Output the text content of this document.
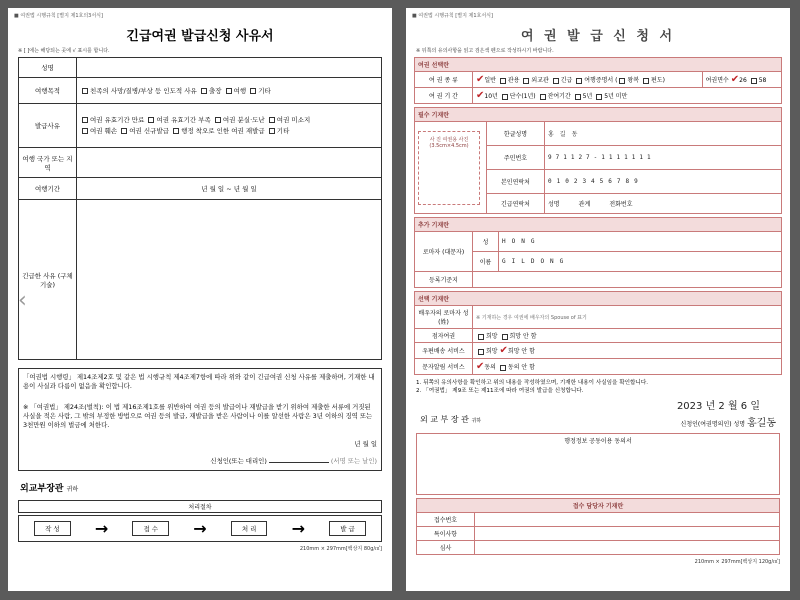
■ 여권법 시행규칙 [별지 제1호의3서식]
긴급여권 발급신청 사유서
※ [ ]에는 해당되는 곳에 √ 표시를 합니다.
성명	
여행목적	친족의 사망/질병/부상 등 인도적 사유 출장 여행 기타
발급사유	여권 유효기간 만료 여권 유효기간 부족 여권 분실·도난 여권 미소지
여권 훼손 여권 신규발급 행정 착오로 인한 여권 재발급 기타
여행 국가 또는 지역	
여행기간	년 월 일 ~ 년 월 일
긴급한 사유 (구체기술)	
「여권법 시행령」 제14조제2호 및 같은 법 시행규칙 제4조제7항에 따라 위와 같이 긴급여권 신청 사유를 제출하며, 기재한 내용이 사실과 다름이 없음을 확인합니다.
※ 「여권법」 제24조(벌칙): 이 법 제16조제1호를 위반하여 여권 등의 발급이나 재발급을 받기 위하여 제출한 서류에 거짓된 사실을 적은 사람, 그 밖의 부정한 방법으로 여권 등의 발급, 재발급을 받은 사람이나 이를 알선한 사람은 3년 이하의 징역 또는 3천만원 이하의 벌금에 처한다.
년 월 일
신청인(또는 대리인)	(서명 또는 날인)
외교부장관 귀하
처리절차
작 성	→	접 수	→	처 리	→	발 급
210mm × 297mm[백상지 80g/㎡]
‹
■ 여권법 시행규칙 [별지 제1호서식]
여 권 발 급 신 청 서
※ 뒤쪽의 유의사항을 읽고 검은색 펜으로 작성하시기 바랍니다.
여권 선택란		
여 권 종 류	✔일반 관용 외교관 긴급 여행증명서 ( 왕복 편도)	여권면수 ✔26 58
여 권 기 간	✔10년 단수(1년) 잔여기간 5년 5년 미만	
필수 기재란		

사 진 여권용 사진 (3.5cm×4.5cm)	한글성명	홍길동
	주민번호	971127-1111111
	본인연락처	01023456789
	긴급연락처	성명 관계 전화번호
추가 기재란		
로마자 (대문자)	성	HONG
	이름	GILDONG
등록기준지		
선택 기재란	
배우자의 로마자 성(姓)	※ 기재하는 경우 여권에 배우자의 Spouse of 표기
점자여권	희망 희망 안 함
우편배송 서비스	희망 ✔희망 안 함
문자알림 서비스	✔동의 동의 안 함
1. 뒤쪽의 유의사항을 확인하고 위의 내용을 작성하였으며, 기재한 내용이 사실임을 확인합니다.
2. 「여권법」 제9조 또는 제11조에 따라 여권의 발급을 신청합니다.
2023 년 2 월 6 일
외 교 부 장 관 귀하	신청인(여권명의인) 성명 홍길동
행정정보 공동이용 동의서
접수 담당자 기재란	
접수번호	
특이사항	
심사	
210mm × 297mm[백상지 120g/㎡]
